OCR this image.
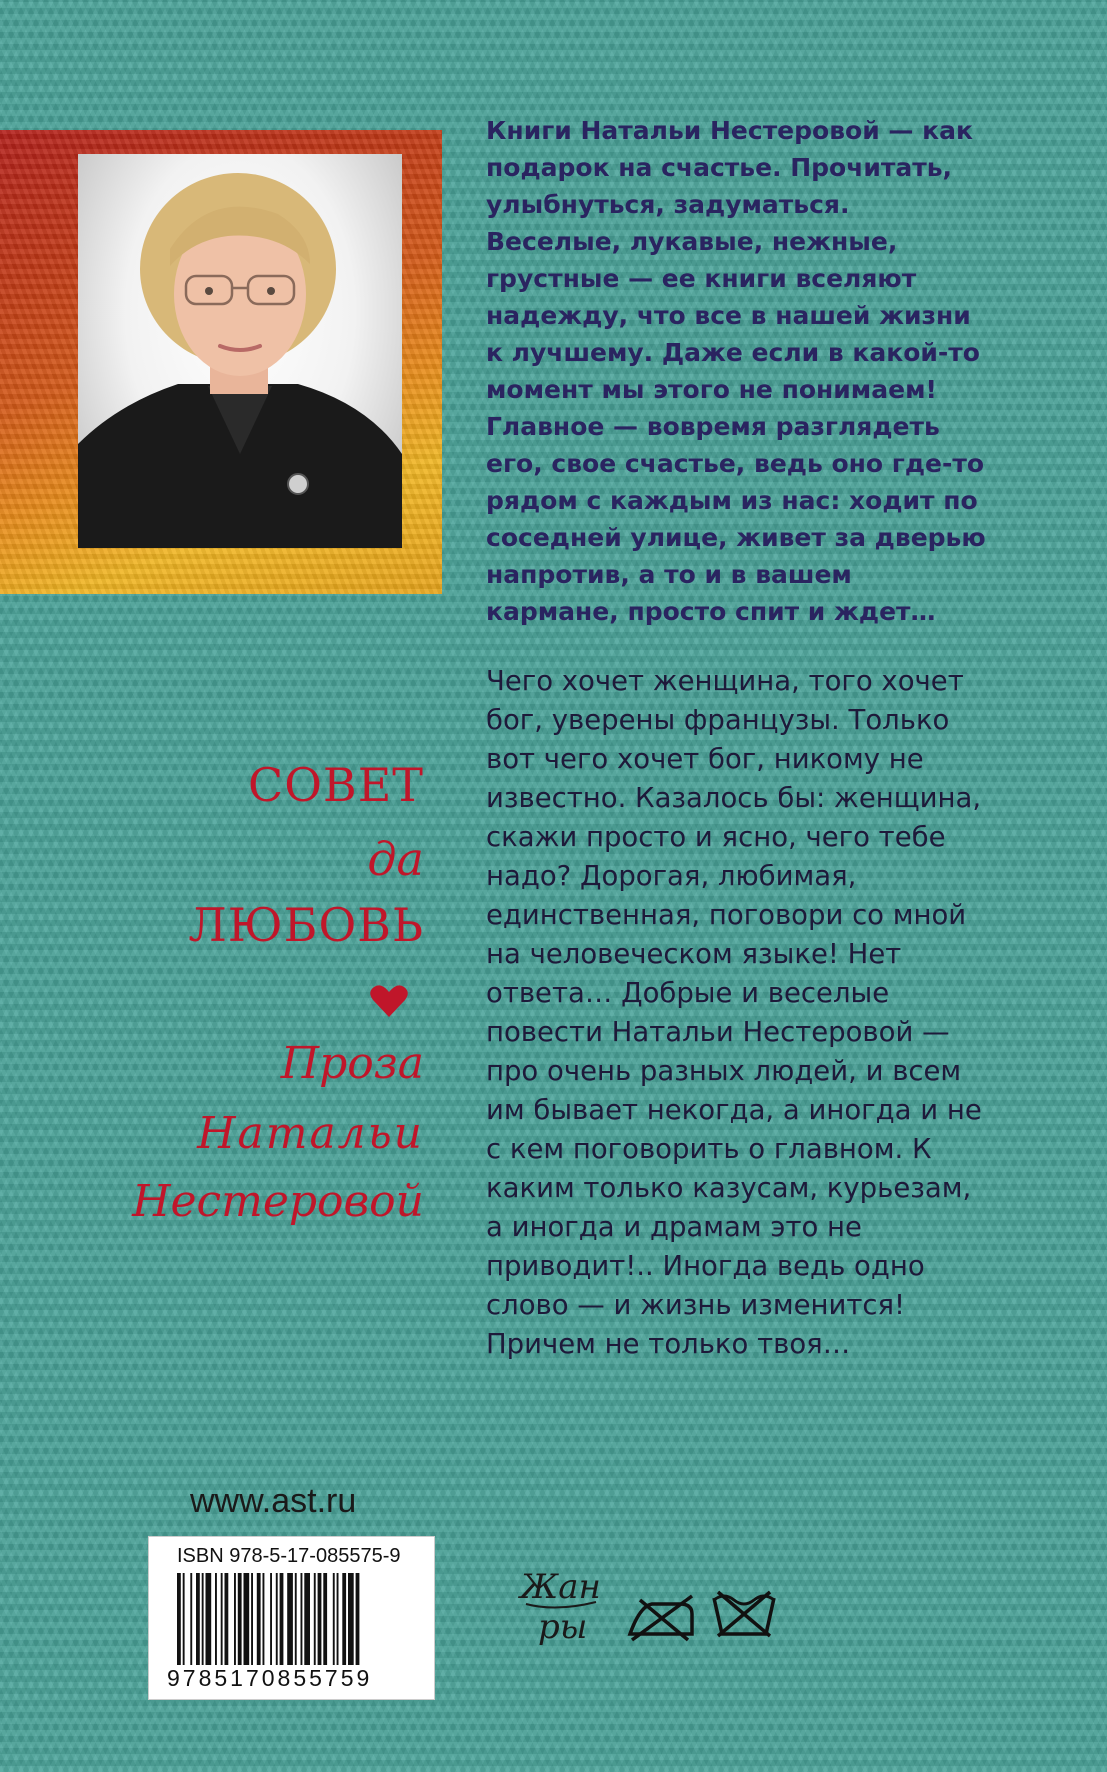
Книги Натальи Нестеровой — как подарок на счастье. Прочитать, улыбнуться, задуматься. Веселые, лукавые, нежные, грустные — ее книги вселяют надежду, что все в нашей жизни к лучшему. Даже если в какой-то момент мы этого не понимаем! Главное — вовремя разглядеть его, свое счастье, ведь оно где-то рядом с каждым из нас: ходит по соседней улице, живет за дверью напротив, а то и в вашем кармане, просто спит и ждет…

Чего хочет женщина, того хочет бог, уверены французы. Только вот чего хочет бог, никому не известно. Казалось бы: женщина, скажи просто и ясно, чего тебе надо? Дорогая, любимая, единственная, поговори со мной на человеческом языке! Нет ответа… Добрые и веселые повести Натальи Нестеровой — про очень разных людей, и всем им бывает некогда, а иногда и не с кем поговорить о главном. К каким только казусам, курьезам, а иногда и драмам это не приводит!.. Иногда ведь одно слово — и жизнь изменится! Причем не только твоя…

СОВЕТ
да
ЛЮБОВЬ
Проза
Натальи
Нестеровой
www.ast.ru
ISBN 978-5-17-085575-9
9785170855759
Жан
ры
